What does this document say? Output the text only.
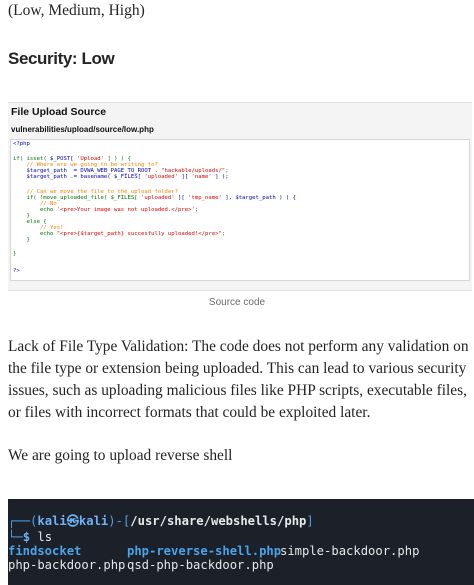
(Low, Medium, High)
Security: Low
File Upload Source
vulnerabilities/upload/source/low.php
<?php
if( isset( $_POST[ 'Upload' ] ) ) {
// Where are we going to be writing to?
$target_path  = DVWA_WEB_PAGE_TO_ROOT . "hackable/uploads/";
$target_path .= basename( $_FILES[ 'uploaded' ][ 'name' ] );
// Can we move the file to the upload folder?
if( !move_uploaded_file( $_FILES[ 'uploaded' ][ 'tmp_name' ], $target_path ) ) {
// No
echo '<pre>Your image was not uploaded.</pre>';
}
else {
// Yes!
echo "<pre>{$target_path} succesfully uploaded!</pre>";
}
}
?>
Source code

Lack of File Type Validation: The code does not perform any validation on the file type or extension being uploaded. This can lead to various security issues, such as uploading malicious files like PHP scripts, executable files, or files with incorrect formats that could be exploited later.

We are going to upload reverse shell
┌──(kali㉿kali)-[/usr/share/webshells/php]
└─$ ls
findsocket	php-reverse-shell.php
simple-backdoor.php
php-backdoor.php qsd-php-backdoor.php
